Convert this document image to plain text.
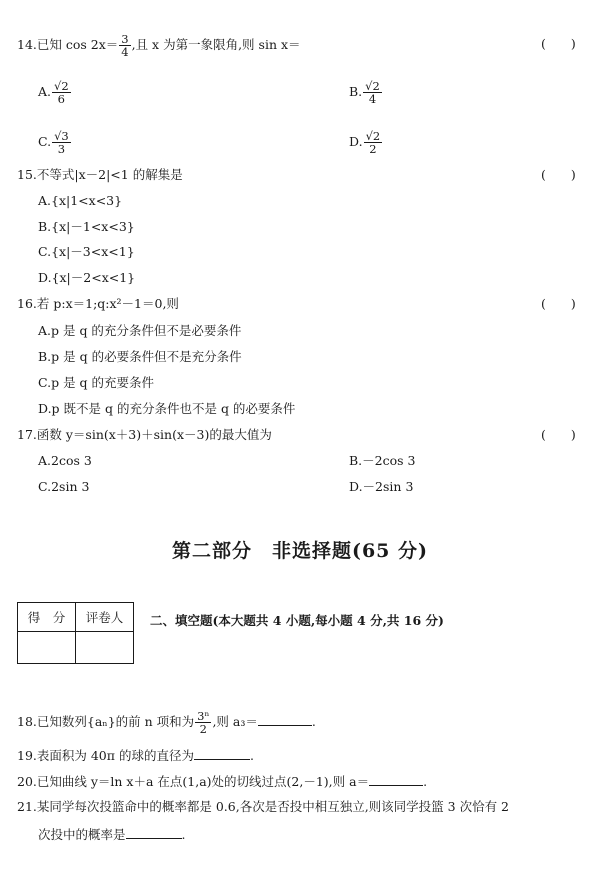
14.已知 $\cos 2x= \frac{3}{4}$ ,且 x 为第一象限角,则 sin x＝	(　　)
A. $\frac{√2}{6}$	B. $\frac{√2}{4}$
C. $\frac{√3}{3}$	D. $\frac{√2}{2}$
15.不等式|x－2|<1 的解集是	(　　)
A.{x|1<x<3}
B.{x|－1<x<3}
C.{x|－3<x<1}
D.{x|－2<x<1}
16.若 p:x＝1;q:x²－1＝0,则	(　　)
A.p 是 q 的充分条件但不是必要条件
B.p 是 q 的必要条件但不是充分条件
C.p 是 q 的充要条件
D.p 既不是 q 的充分条件也不是 q 的必要条件
17.函数 y＝sin(x＋3)＋sin(x－3)的最大值为	(　　)
A.2cos 3	B.－2cos 3
C.2sin 3	D.－2sin 3
第二部分　非选择题(65 分)
得　分	评卷人
	二、填空题(本大题共 4 小题,每小题 4 分,共 16 分)
18.已知数列{aₙ}的前 n 项和为 $\frac{\text{3ⁿ}}{2}$ ,则 a₃＝	.
19.表面积为 40π 的球的直径为	.
20.已知曲线 y＝ln x＋a 在点(1,a)处的切线过点(2,－1),则 a＝	.
21.某同学每次投篮命中的概率都是 0.6,各次是否投中相互独立,则该同学投篮 3 次恰有 2
次投中的概率是	.
